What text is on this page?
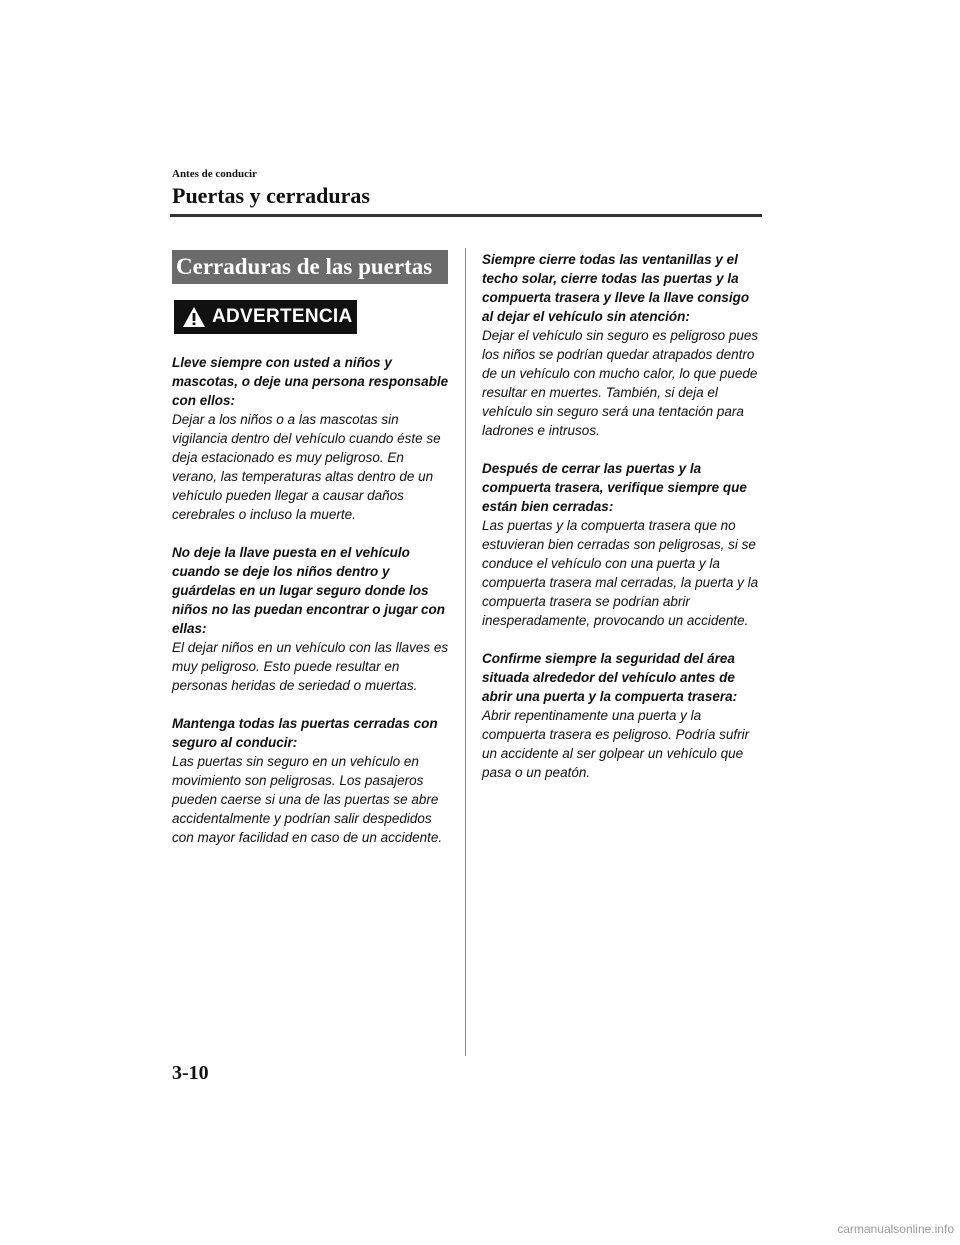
Antes de conducir
Puertas y cerraduras
Cerraduras de las puertas
ADVERTENCIA

Lleve siempre con usted a niños y mascotas, o deje una persona responsable con ellos:

Dejar a los niños o a las mascotas sin vigilancia dentro del vehículo cuando éste se deja estacionado es muy peligroso. En verano, las temperaturas altas dentro de un vehículo pueden llegar a causar daños cerebrales o incluso la muerte.

No deje la llave puesta en el vehículo cuando se deje los niños dentro y guárdelas en un lugar seguro donde los niños no las puedan encontrar o jugar con ellas:

El dejar niños en un vehículo con las llaves es muy peligroso. Esto puede resultar en personas heridas de seriedad o muertas.

Mantenga todas las puertas cerradas con seguro al conducir:

Las puertas sin seguro en un vehículo en movimiento son peligrosas. Los pasajeros pueden caerse si una de las puertas se abre accidentalmente y podrían salir despedidos con mayor facilidad en caso de un accidente.

Siempre cierre todas las ventanillas y el techo solar, cierre todas las puertas y la compuerta trasera y lleve la llave consigo al dejar el vehículo sin atención:

Dejar el vehículo sin seguro es peligroso pues los niños se podrían quedar atrapados dentro de un vehículo con mucho calor, lo que puede resultar en muertes. También, si deja el vehículo sin seguro será una tentación para ladrones e intrusos.

Después de cerrar las puertas y la compuerta trasera, verifique siempre que están bien cerradas:

Las puertas y la compuerta trasera que no estuvieran bien cerradas son peligrosas, si se conduce el vehículo con una puerta y la compuerta trasera mal cerradas, la puerta y la compuerta trasera se podrían abrir inesperadamente, provocando un accidente.

Confirme siempre la seguridad del área situada alrededor del vehículo antes de abrir una puerta y la compuerta trasera:

Abrir repentinamente una puerta y la compuerta trasera es peligroso. Podría sufrir un accidente al ser golpear un vehículo que pasa o un peatón.

3-10
carmanualsonline.info
